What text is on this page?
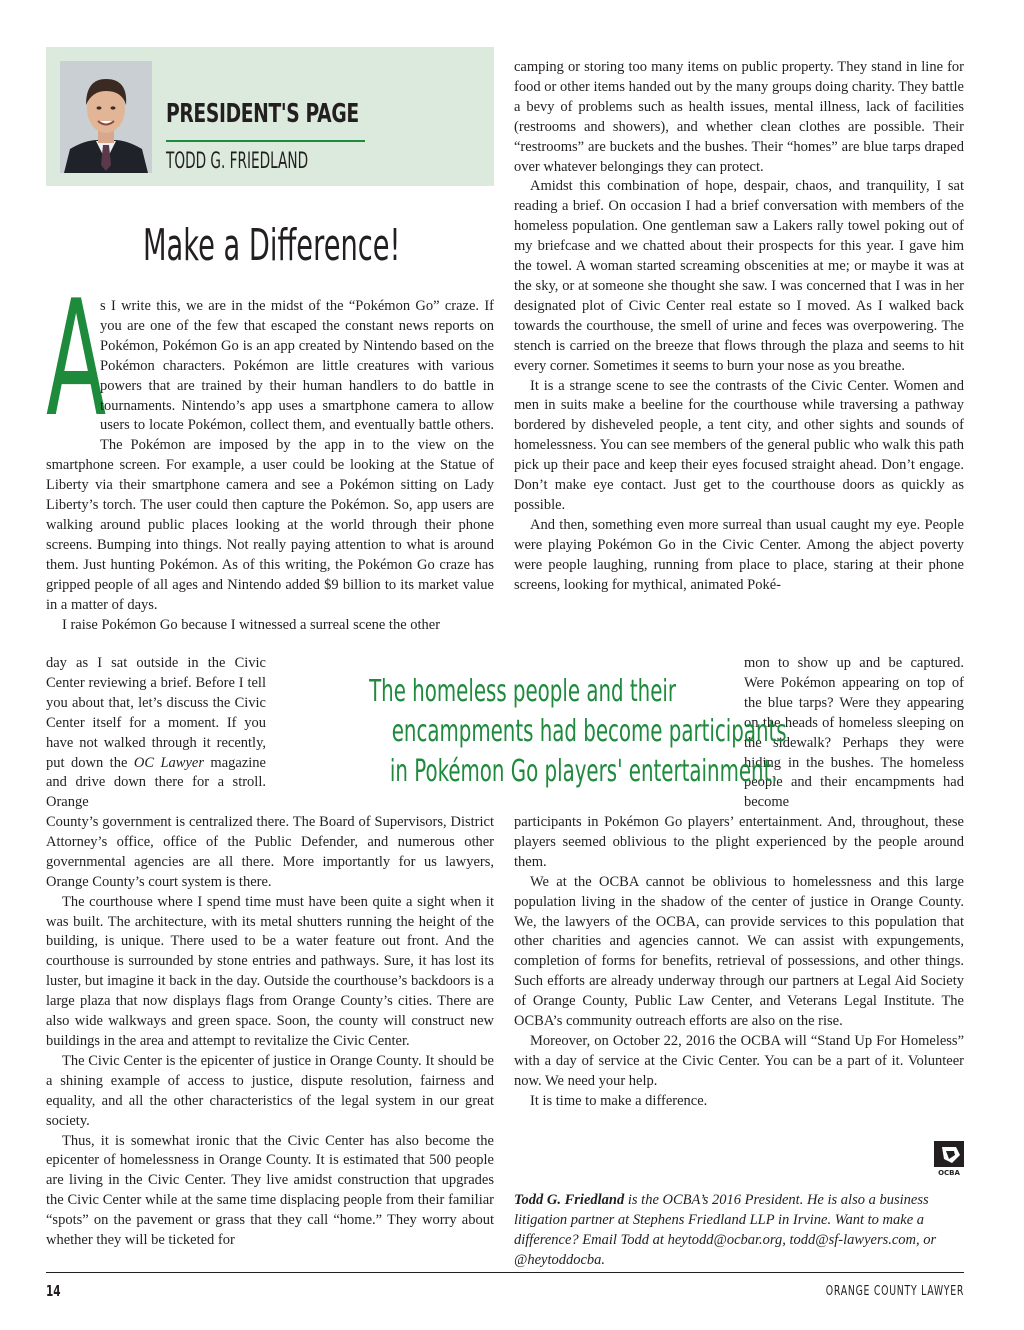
PRESIDENT'S PAGE
TODD G. FRIEDLAND
Make a Difference!
A

s I write this, we are in the midst of the “Pokémon Go” craze. If you are one of the few that escaped the constant news reports on Pokémon, Pokémon Go is an app created by Nintendo based on the Pokémon characters. Pokémon are little creatures with various powers that are trained by their human handlers to do battle in tournaments. Nintendo’s app uses a smartphone camera to allow users to locate Pokémon, collect them, and eventually battle others. The Pokémon are imposed by the app in to the view on the smartphone screen. For example, a user could be looking at the Statue of Liberty via their smartphone camera and see a Pokémon sitting on Lady Liberty’s torch. The user could then capture the Pokémon. So, app users are walking around public places looking at the world through their phone screens. Bumping into things. Not really paying attention to what is around them. Just hunting Pokémon. As of this writing, the Pokémon Go craze has gripped people of all ages and Nintendo added $9 billion to its market value in a matter of days.

I raise Pokémon Go because I witnessed a surreal scene the other

day as I sat outside in the Civic Center reviewing a brief. Before I tell you about that, let’s discuss the Civic Center itself for a moment. If you have not walked through it recently, put down the OC Lawyer magazine and drive down there for a stroll. Orange

County’s government is centralized there. The Board of Supervisors, District Attorney’s office, office of the Public Defender, and numerous other governmental agencies are all there. More importantly for us lawyers, Orange County’s court system is there.

The courthouse where I spend time must have been quite a sight when it was built. The architecture, with its metal shutters running the height of the building, is unique. There used to be a water feature out front. And the courthouse is surrounded by stone entries and pathways. Sure, it has lost its luster, but imagine it back in the day. Outside the courthouse’s backdoors is a large plaza that now displays flags from Orange County’s cities. There are also wide walkways and green space. Soon, the county will construct new buildings in the area and attempt to revitalize the Civic Center.

The Civic Center is the epicenter of justice in Orange County. It should be a shining example of access to justice, dispute resolution, fairness and equality, and all the other characteristics of the legal system in our great society.

Thus, it is somewhat ironic that the Civic Center has also become the epicenter of homelessness in Orange County. It is estimated that 500 people are living in the Civic Center. They live amidst construction that upgrades the Civic Center while at the same time displacing people from their familiar “spots” on the pavement or grass that they call “home.” They worry about whether they will be ticketed for

camping or storing too many items on public property. They stand in line for food or other items handed out by the many groups doing charity. They battle a bevy of problems such as health issues, mental illness, lack of facilities (restrooms and showers), and whether clean clothes are possible. Their “restrooms” are buckets and the bushes. Their “homes” are blue tarps draped over whatever belongings they can protect.

Amidst this combination of hope, despair, chaos, and tranquility, I sat reading a brief. On occasion I had a brief conversation with members of the homeless population. One gentleman saw a Lakers rally towel poking out of my briefcase and we chatted about their prospects for this year. I gave him the towel. A woman started screaming obscenities at me; or maybe it was at the sky, or at someone she thought she saw. I was concerned that I was in her designated plot of Civic Center real estate so I moved. As I walked back towards the courthouse, the smell of urine and feces was overpowering. The stench is carried on the breeze that flows through the plaza and seems to hit every corner. Sometimes it seems to burn your nose as you breathe.

It is a strange scene to see the contrasts of the Civic Center. Women and men in suits make a beeline for the courthouse while traversing a pathway bordered by disheveled people, a tent city, and other sights and sounds of homelessness. You can see members of the general public who walk this path pick up their pace and keep their eyes focused straight ahead. Don’t engage. Don’t make eye contact. Just get to the courthouse doors as quickly as possible.

And then, something even more surreal than usual caught my eye. People were playing Pokémon Go in the Civic Center. Among the abject poverty were people laughing, running from place to place, staring at their phone screens, looking for mythical, animated Poké-

mon to show up and be captured. Were Pokémon appearing on top of the blue tarps? Were they appearing on the heads of homeless sleeping on the sidewalk? Perhaps they were hiding in the bushes. The homeless people and their encampments had become

participants in Pokémon Go players’ entertainment. And, throughout, these players seemed oblivious to the plight experienced by the people around them.

We at the OCBA cannot be oblivious to homelessness and this large population living in the shadow of the center of justice in Orange County. We, the lawyers of the OCBA, can provide services to this population that other charities and agencies cannot. We can assist with expungements, completion of forms for benefits, retrieval of possessions, and other things. Such efforts are already underway through our partners at Legal Aid Society of Orange County, Public Law Center, and Veterans Legal Institute. The OCBA’s community outreach efforts are also on the rise.

Moreover, on October 22, 2016 the OCBA will “Stand Up For Homeless” with a day of service at the Civic Center. You can be a part of it. Volunteer now. We need your help.

It is time to make a difference.

The homeless people and their
encampments had become participants
in Pokémon Go players' entertainment.
OCBA
Todd G. Friedland is the OCBA’s 2016 President. He is also a business litigation partner at Stephens Friedland LLP in Irvine. Want to make a difference? Email Todd at heytodd@ocbar.org, todd@sf-lawyers.com, or @heytoddocba.
14	ORANGE COUNTY LAWYER
